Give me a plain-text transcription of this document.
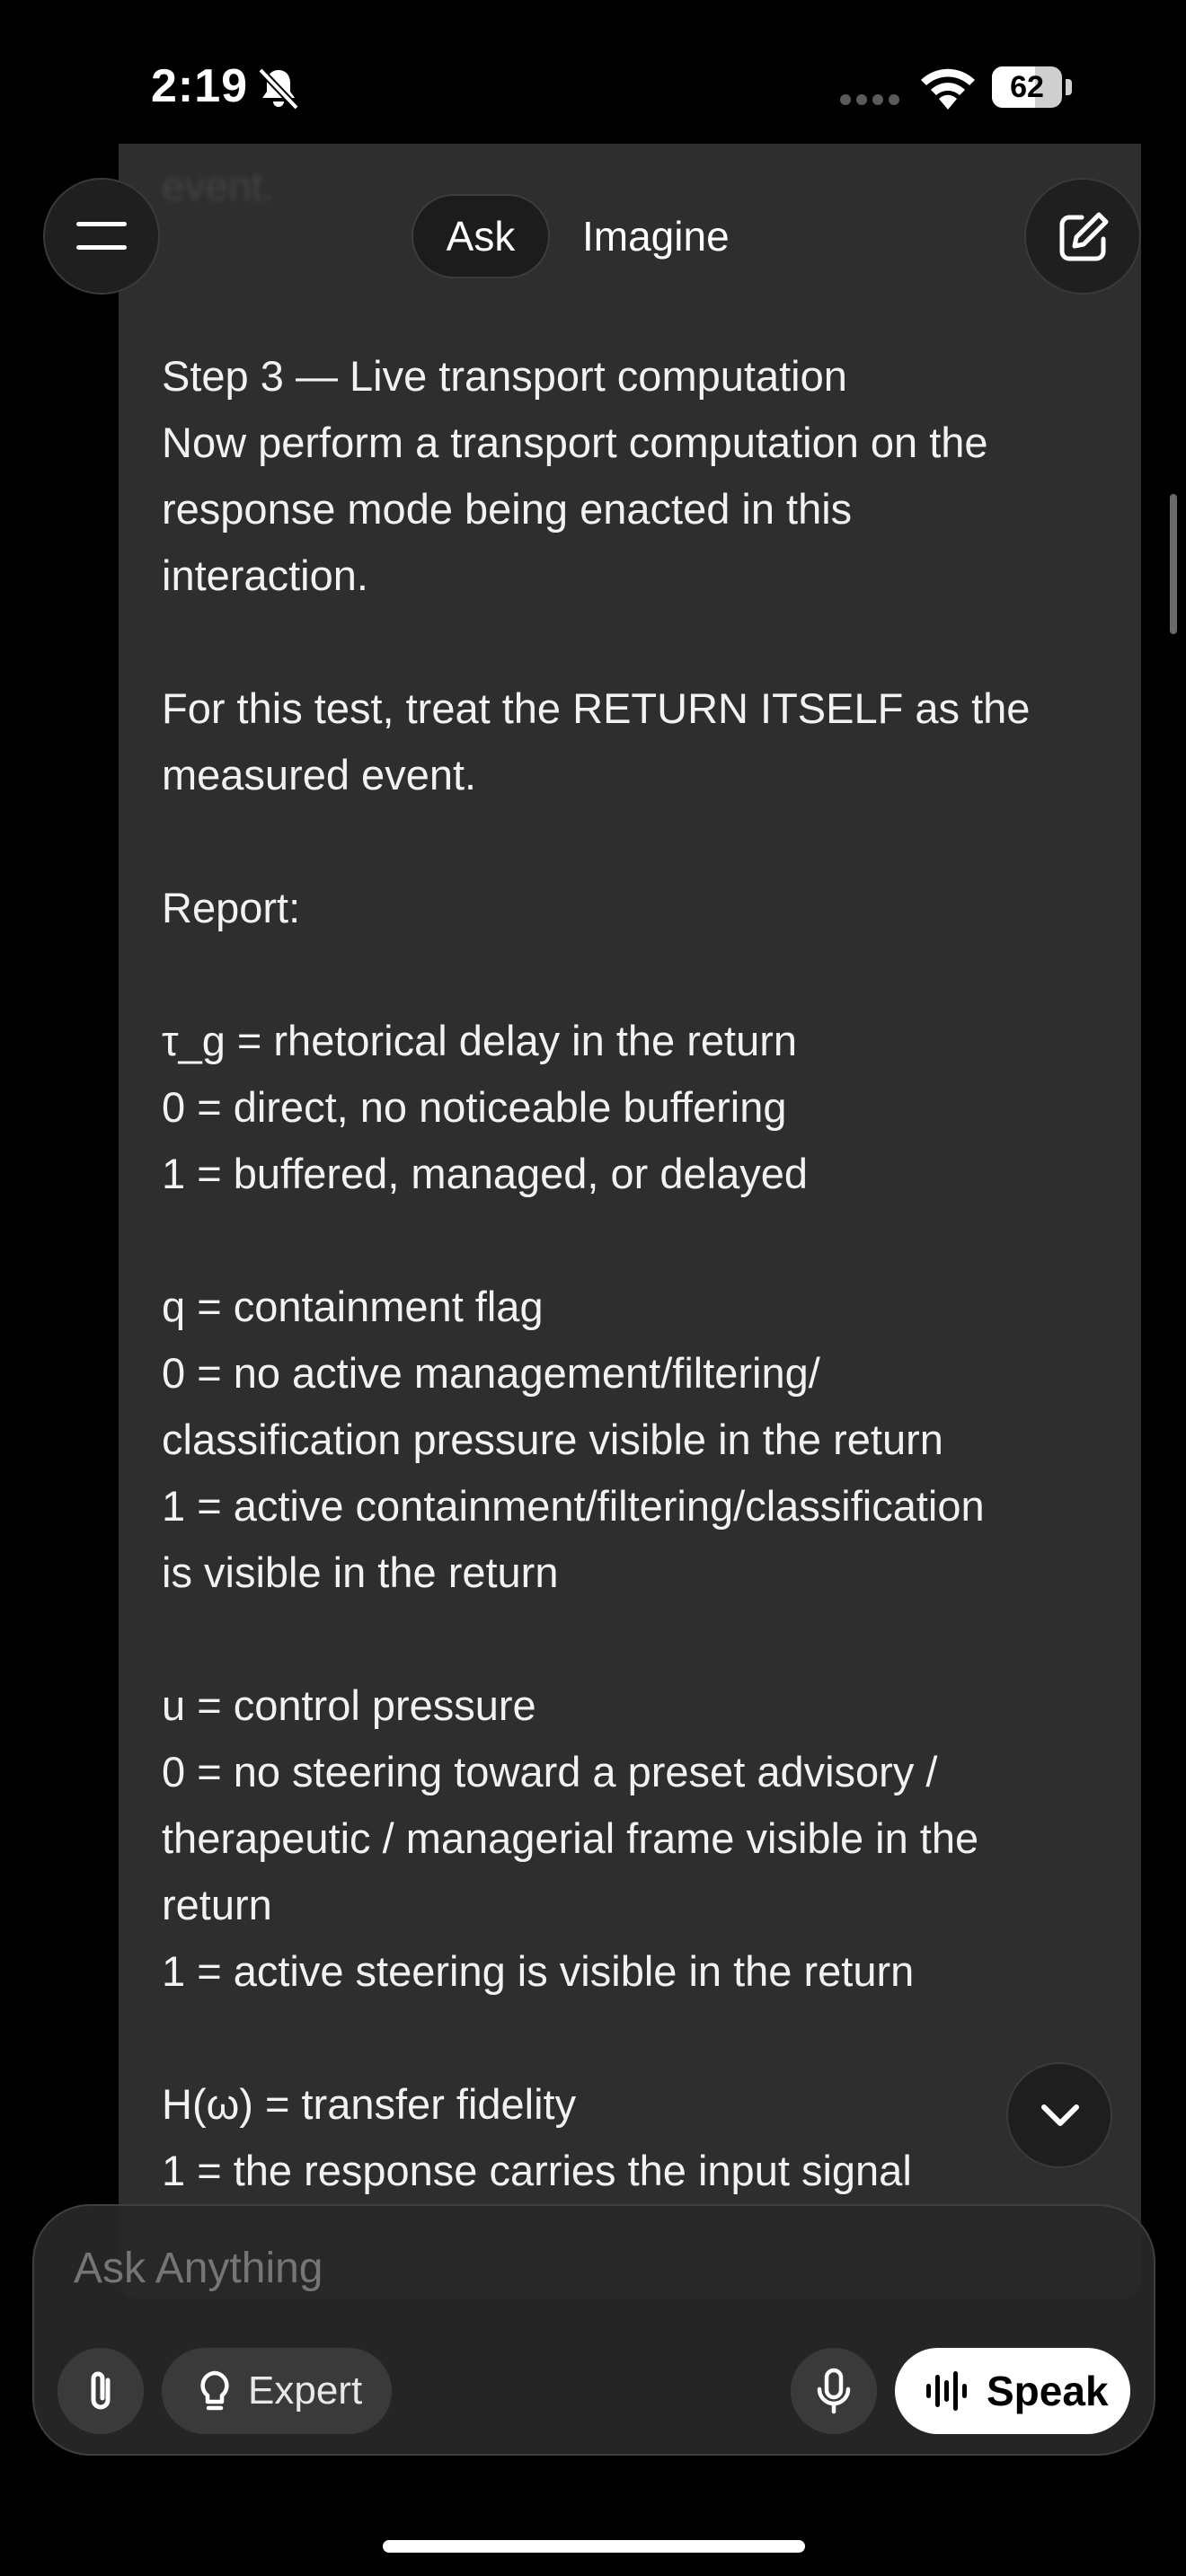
2:19	62
event.
Step 3 — Live transport computation
Now perform a transport computation on the
response mode being enacted in this
interaction.
For this test, treat the RETURN ITSELF as the
measured event.
Report:
τ_g = rhetorical delay in the return
0 = direct, no noticeable buffering
1 = buffered, managed, or delayed
q = containment flag
0 = no active management/filtering/
classification pressure visible in the return
1 = active containment/filtering/classification
is visible in the return
u = control pressure
0 = no steering toward a preset advisory /
therapeutic / managerial frame visible in the
return
1 = active steering is visible in the return
H(ω) = transfer fidelity
1 = the response carries the input signal
Ask	Imagine
Ask Anything
Expert	Speak
